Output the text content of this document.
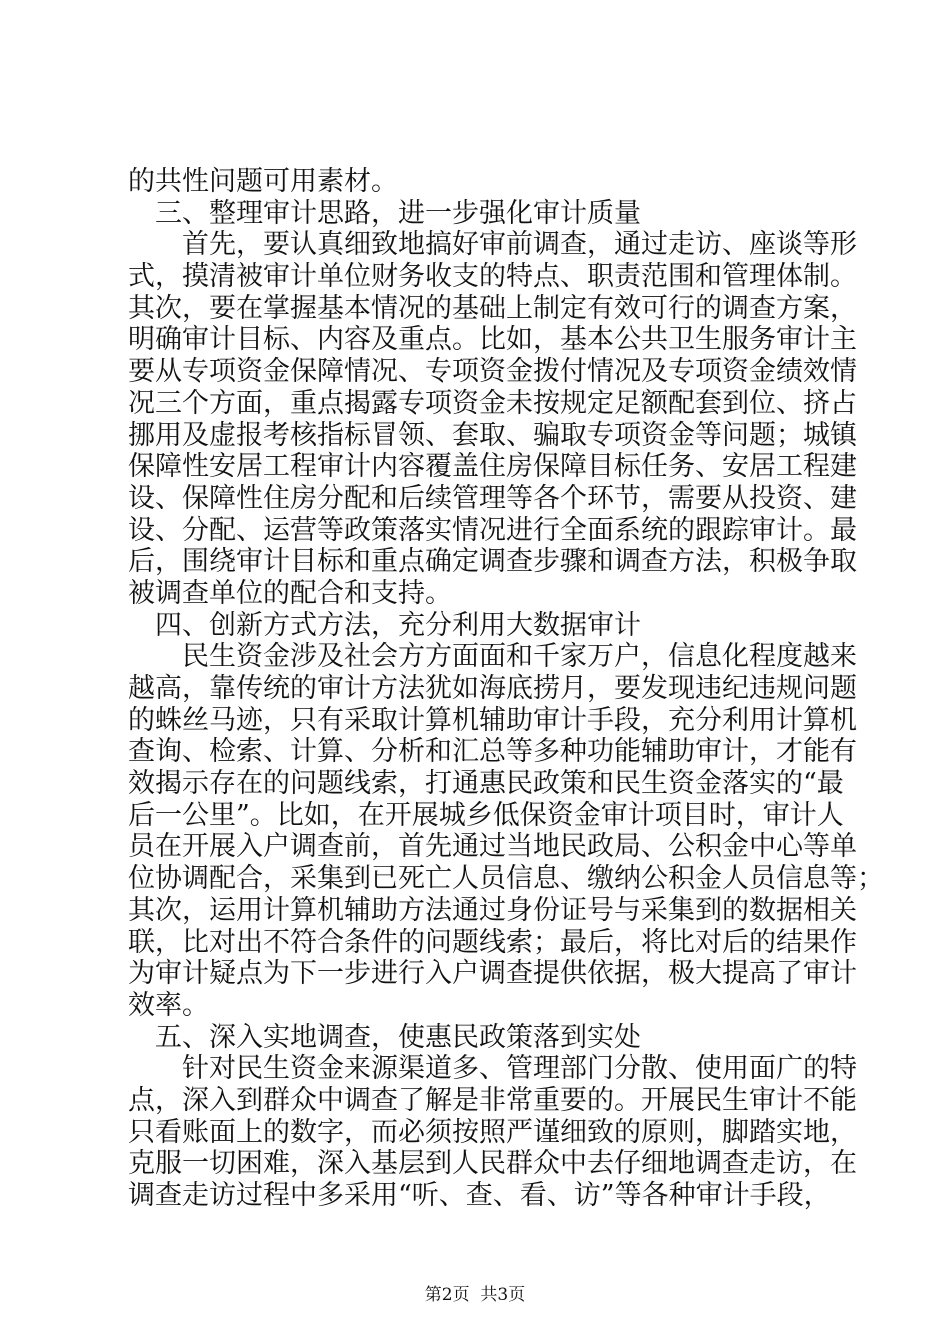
的共性问题可用素材。
　三、整理审计思路，进一步强化审计质量
　　首先，要认真细致地搞好审前调查，通过走访、座谈等形
式，摸清被审计单位财务收支的特点、职责范围和管理体制。
其次，要在掌握基本情况的基础上制定有效可行的调查方案，
明确审计目标、内容及重点。比如，基本公共卫生服务审计主
要从专项资金保障情况、专项资金拨付情况及专项资金绩效情
况三个方面，重点揭露专项资金未按规定足额配套到位、挤占
挪用及虚报考核指标冒领、套取、骗取专项资金等问题；城镇
保障性安居工程审计内容覆盖住房保障目标任务、安居工程建
设、保障性住房分配和后续管理等各个环节，需要从投资、建
设、分配、运营等政策落实情况进行全面系统的跟踪审计。最
后，围绕审计目标和重点确定调查步骤和调查方法，积极争取
被调查单位的配合和支持。
　四、创新方式方法，充分利用大数据审计
　　民生资金涉及社会方方面面和千家万户，信息化程度越来
越高，靠传统的审计方法犹如海底捞月，要发现违纪违规问题
的蛛丝马迹，只有采取计算机辅助审计手段，充分利用计算机
查询、检索、计算、分析和汇总等多种功能辅助审计，才能有
效揭示存在的问题线索，打通惠民政策和民生资金落实的“最
后一公里”。比如，在开展城乡低保资金审计项目时，审计人
员在开展入户调查前，首先通过当地民政局、公积金中心等单
位协调配合，采集到已死亡人员信息、缴纳公积金人员信息等；
其次，运用计算机辅助方法通过身份证号与采集到的数据相关
联，比对出不符合条件的问题线索；最后，将比对后的结果作
为审计疑点为下一步进行入户调查提供依据，极大提高了审计
效率。
　五、深入实地调查，使惠民政策落到实处
　　针对民生资金来源渠道多、管理部门分散、使用面广的特
点，深入到群众中调查了解是非常重要的。开展民生审计不能
只看账面上的数字，而必须按照严谨细致的原则，脚踏实地，
克服一切困难，深入基层到人民群众中去仔细地调查走访，在
调查走访过程中多采用“听、查、看、访”等各种审计手段，
第2页  共3页
